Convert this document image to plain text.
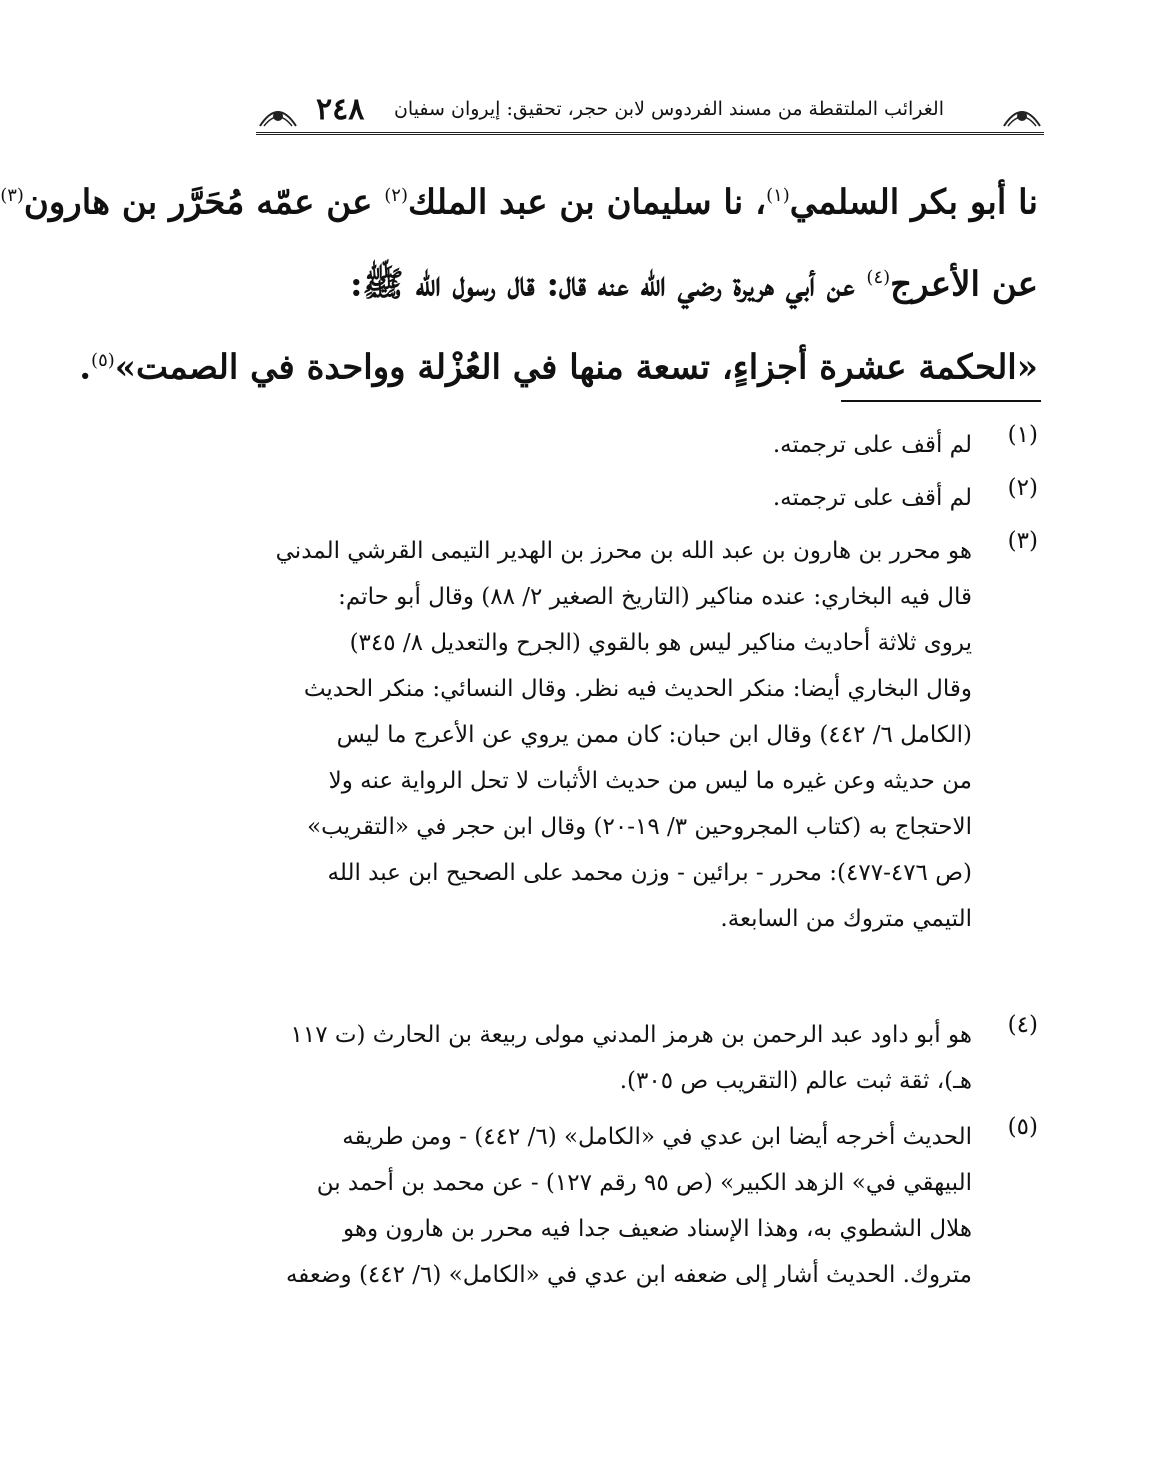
الغرائب الملتقطة من مسند الفردوس لابن حجر، تحقيق: إيروان سفيان
٢٤٨
نا أبو بكر السلمي$^{(١)}$، نا سليمان بن عبد الملك$^{(٢)}$ عن عمّه مُحَرَّر بن هارون$^{(٣)}$
عن الأعرج$^{(٤)}$ عن أبي هريرة رضي الله عنه قال: قال رسول الله ﷺ:
«الحكمة عشرة أجزاءٍ، تسعة منها في العُزْلة وواحدة في الصمت»$^{(٥)}$.
(١)
لم أقف على ترجمته.
(٢)
لم أقف على ترجمته.
(٣)
هو محرر بن هارون بن عبد الله بن محرز بن الهدير التيمى القرشي المدني
قال فيه البخاري: عنده مناكير (التاريخ الصغير ٢/ ٨٨) وقال أبو حاتم:
يروى ثلاثة أحاديث مناكير ليس هو بالقوي (الجرح والتعديل ٨/ ٣٤٥)
وقال البخاري أيضا: منكر الحديث فيه نظر. وقال النسائي: منكر الحديث
(الكامل ٦/ ٤٤٢) وقال ابن حبان: كان ممن يروي عن الأعرج ما ليس
من حديثه وعن غيره ما ليس من حديث الأثبات لا تحل الرواية عنه ولا
الاحتجاج به (كتاب المجروحين ٣/ ١٩-٢٠) وقال ابن حجر في «التقريب»
(ص ٤٧٦-٤٧٧): محرر - برائين - وزن محمد على الصحيح ابن عبد الله
التيمي متروك من السابعة.
(٤)
هو أبو داود عبد الرحمن بن هرمز المدني مولى ربيعة بن الحارث (ت ١١٧
هـ)، ثقة ثبت عالم (التقريب ص ٣٠٥).
(٥)
الحديث أخرجه أيضا ابن عدي في «الكامل» (٦/ ٤٤٢) - ومن طريقه
البيهقي في» الزهد الكبير» (ص ٩٥ رقم ١٢٧) - عن محمد بن أحمد بن
هلال الشطوي به، وهذا الإسناد ضعيف جدا فيه محرر بن هارون وهو
متروك. الحديث أشار إلى ضعفه ابن عدي في «الكامل» (٦/ ٤٤٢) وضعفه
